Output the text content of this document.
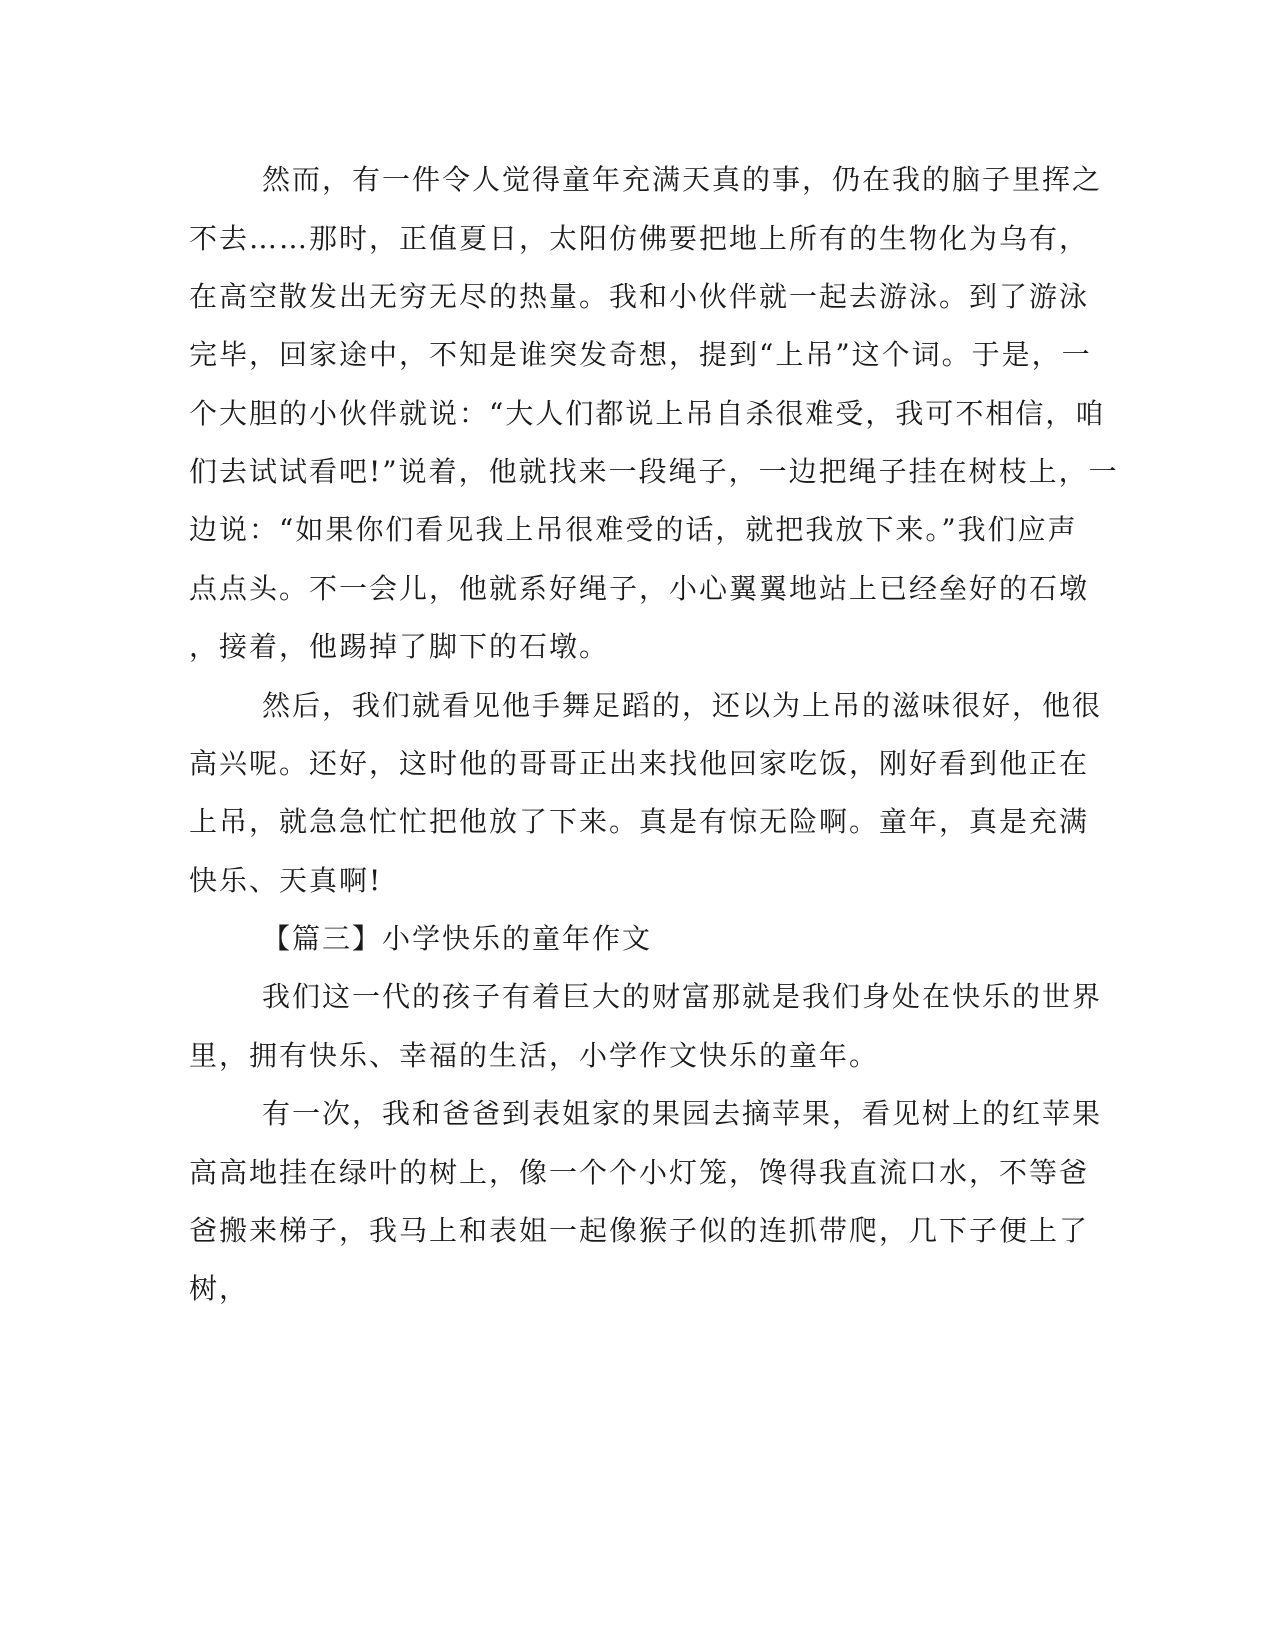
然而，有一件令人觉得童年充满天真的事，仍在我的脑子里挥之
不去……那时，正值夏日，太阳仿佛要把地上所有的生物化为乌有，
在高空散发出无穷无尽的热量。我和小伙伴就一起去游泳。到了游泳
完毕，回家途中，不知是谁突发奇想，提到“上吊”这个词。于是，一
个大胆的小伙伴就说：“大人们都说上吊自杀很难受，我可不相信，咱
们去试试看吧!”说着，他就找来一段绳子，一边把绳子挂在树枝上，一
边说：“如果你们看见我上吊很难受的话，就把我放下来。”我们应声
点点头。不一会儿，他就系好绳子，小心翼翼地站上已经垒好的石墩
，接着，他踢掉了脚下的石墩。
然后，我们就看见他手舞足蹈的，还以为上吊的滋味很好，他很
高兴呢。还好，这时他的哥哥正出来找他回家吃饭，刚好看到他正在
上吊，就急急忙忙把他放了下来。真是有惊无险啊。童年，真是充满
快乐、天真啊!
【篇三】小学快乐的童年作文
我们这一代的孩子有着巨大的财富那就是我们身处在快乐的世界
里，拥有快乐、幸福的生活，小学作文快乐的童年。
有一次，我和爸爸到表姐家的果园去摘苹果，看见树上的红苹果
高高地挂在绿叶的树上，像一个个小灯笼，馋得我直流口水，不等爸
爸搬来梯子，我马上和表姐一起像猴子似的连抓带爬，几下子便上了
树，
